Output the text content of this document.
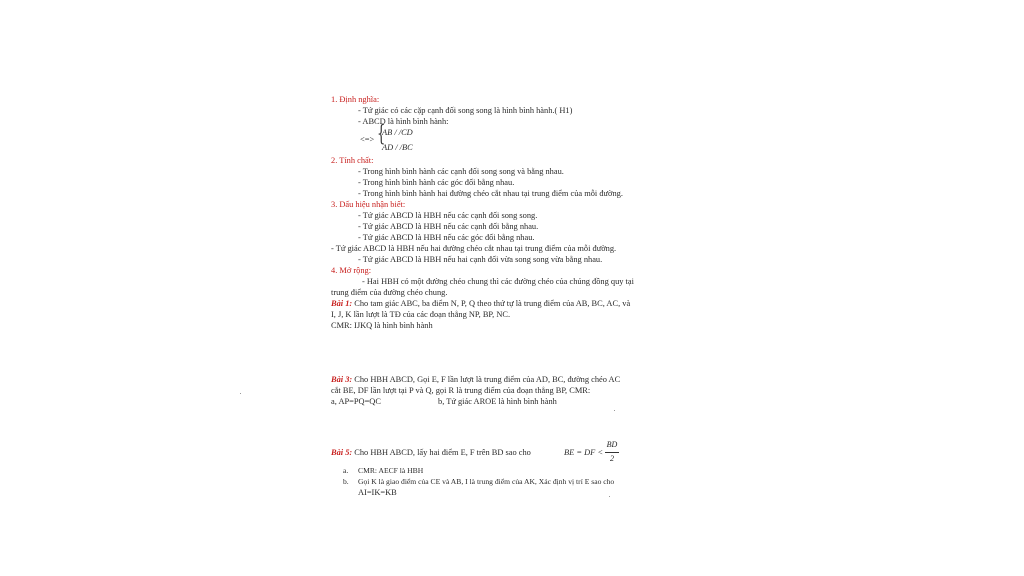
1. Định nghĩa:
- Tứ giác có các cặp cạnh đối song song là hình bình hành.( H1)
- ABCD là hình bình hành:
<=> {
AB / /CD
AD / /BC
2. Tính chất:
- Trong hình bình hành các cạnh đối song song và bằng nhau.
- Trong hình bình hành các góc đối bằng nhau.
- Trong hình bình hành hai đường chéo cắt nhau tại trung điểm của mỗi đường.
3. Dấu hiệu nhận biết:
- Tứ giác ABCD là HBH nếu các cạnh đối song song.
- Tứ giác ABCD là HBH nếu các cạnh đối bằng nhau.
- Tứ giác ABCD là HBH nếu các góc đối bằng nhau.
- Tứ giác ABCD là HBH nếu hai đường chéo cắt nhau tại trung điểm của mỗi đường.
- Tứ giác ABCD là HBH nếu hai cạnh đối vừa song song vừa bằng nhau.
4. Mở rộng:
- Hai HBH có một đường chéo chung thì các đường chéo của chúng đồng quy tại
trung điểm của đường chéo chung.
Bài 1: Cho tam giác ABC, ba điểm N, P, Q theo thứ tự là trung điểm của AB, BC, AC, và
I, J, K lần lượt là TĐ của các đoạn thẳng NP, BP, NC.
CMR: IJKQ là hình bình hành
Bài 3: Cho HBH ABCD, Gọi E, F lần lượt là trung điểm của AD, BC, đường chéo AC
cắt BE, DF lần lượt tại P và Q, gọi R là trung điểm của đoạn thẳng BP, CMR:
a, AP=PQ=QC	b, Tứ giác AROE là hình bình hành
Bài 5: Cho HBH ABCD, lấy hai điểm E, F trên BD sao cho	BE = DF <
BD
2
a. CMR: AECF là HBH
b. Gọi K là giao điểm của CE và AB, I là trung điểm của AK, Xác định vị trí E sao cho
AI=IK=KB
